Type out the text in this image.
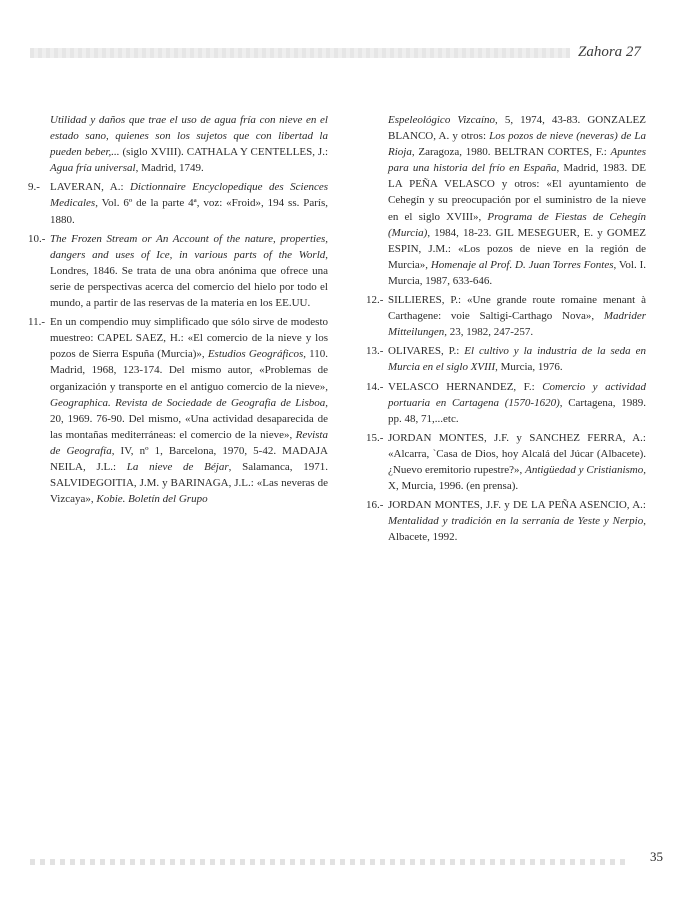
Zahora 27
Utilidad y daños que trae el uso de agua fría con nieve en el estado sano, quienes son los sujetos que con libertad la pueden beber,... (siglo XVIII). CATHALA Y CENTELLES, J.: Agua fría universal, Madrid, 1749.
9.- LAVERAN, A.: Dictionnaire Encyclopedique des Sciences Medicales, Vol. 6º de la parte 4ª, voz: «Froid», 194 ss. París, 1880.
10.- The Frozen Stream or An Account of the nature, properties, dangers and uses of Ice, in various parts of the World, Londres, 1846. Se trata de una obra anónima que ofrece una serie de perspectivas acerca del comercio del hielo por todo el mundo, a partir de las reservas de la materia en los EE.UU.
11.- En un compendio muy simplificado que sólo sirve de modesto muestreo: CAPEL SAEZ, H.: «El comercio de la nieve y los pozos de Sierra Espuña (Murcia)», Estudios Geográficos, 110. Madrid, 1968, 123-174. Del mismo autor, «Problemas de organización y transporte en el antiguo comercio de la nieve», Geographica. Revista de Sociedade de Geografia de Lisboa, 20, 1969. 76-90. Del mismo, «Una actividad desaparecida de las montañas mediterráneas: el comercio de la nieve», Revista de Geografía, IV, nº 1, Barcelona, 1970, 5-42. MADAJA NEILA, J.L.: La nieve de Béjar, Salamanca, 1971. SALVIDEGOITIA, J.M. y BARINAGA, J.L.: «Las neveras de Vizcaya», Kobie. Boletín del Grupo
Espeleológico Vizcaíno, 5, 1974, 43-83. GONZALEZ BLANCO, A. y otros: Los pozos de nieve (neveras) de La Rioja, Zaragoza, 1980. BELTRAN CORTES, F.: Apuntes para una historia del frío en España, Madrid, 1983. DE LA PEÑA VELASCO y otros: «El ayuntamiento de Cehegín y su preocupación por el suministro de la nieve en el siglo XVIII», Programa de Fiestas de Cehegín (Murcia), 1984, 18-23. GIL MESEGUER, E. y GOMEZ ESPIN, J.M.: «Los pozos de nieve en la región de Murcia», Homenaje al Prof. D. Juan Torres Fontes, Vol. I. Murcia, 1987, 633-646.
12.- SILLIERES, P.: «Une grande route romaine menant à Carthagene: voie Saltigi-Carthago Nova», Madrider Mitteilungen, 23, 1982, 247-257.
13.- OLIVARES, P.: El cultivo y la industria de la seda en Murcia en el siglo XVIII, Murcia, 1976.
14.- VELASCO HERNANDEZ, F.: Comercio y actividad portuaria en Cartagena (1570-1620), Cartagena, 1989. pp. 48, 71,...etc.
15.- JORDAN MONTES, J.F. y SANCHEZ FERRA, A.: «Alcarra, `Casa de Dios, hoy Alcalá del Júcar (Albacete). ¿Nuevo eremitorio rupestre?», Antigüedad y Cristianismo, X, Murcia, 1996. (en prensa).
16.- JORDAN MONTES, J.F. y DE LA PEÑA ASENCIO, A.: Mentalidad y tradición en la serranía de Yeste y Nerpio, Albacete, 1992.
35
